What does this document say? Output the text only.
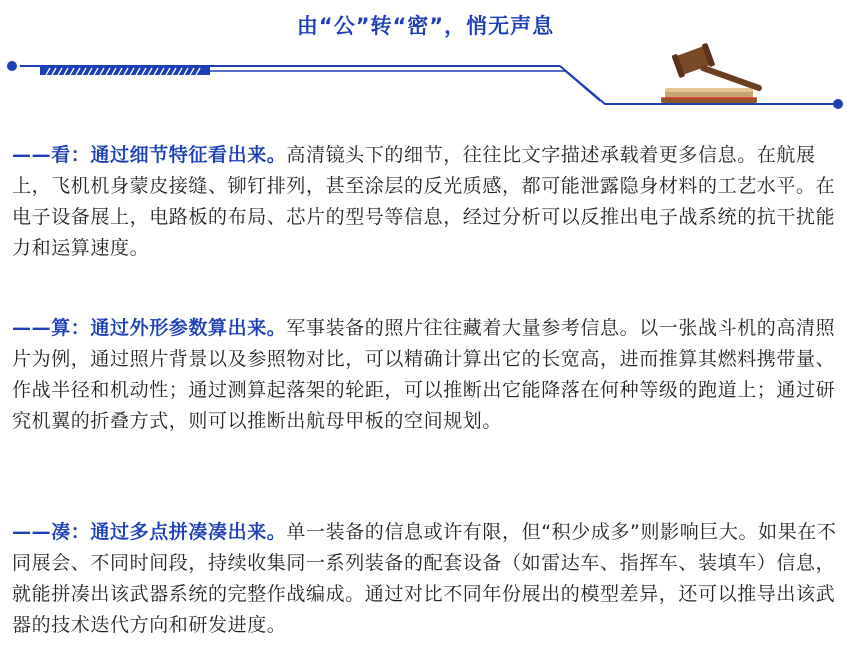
由“公”转“密”，悄无声息

——看：通过细节特征看出来。高清镜头下的细节，往往比文字描述承载着更多信息。在航展上，飞机机身蒙皮接缝、铆钉排列，甚至涂层的反光质感，都可能泄露隐身材料的工艺水平。在电子设备展上，电路板的布局、芯片的型号等信息，经过分析可以反推出电子战系统的抗干扰能力和运算速度。

——算：通过外形参数算出来。军事装备的照片往往藏着大量参考信息。以一张战斗机的高清照片为例，通过照片背景以及参照物对比，可以精确计算出它的长宽高，进而推算其燃料携带量、作战半径和机动性；通过测算起落架的轮距，可以推断出它能降落在何种等级的跑道上；通过研究机翼的折叠方式，则可以推断出航母甲板的空间规划。

——凑：通过多点拼凑凑出来。单一装备的信息或许有限，但“积少成多”则影响巨大。如果在不同展会、不同时间段，持续收集同一系列装备的配套设备（如雷达车、指挥车、装填车）信息，就能拼凑出该武器系统的完整作战编成。通过对比不同年份展出的模型差异，还可以推导出该武器的技术迭代方向和研发进度。
